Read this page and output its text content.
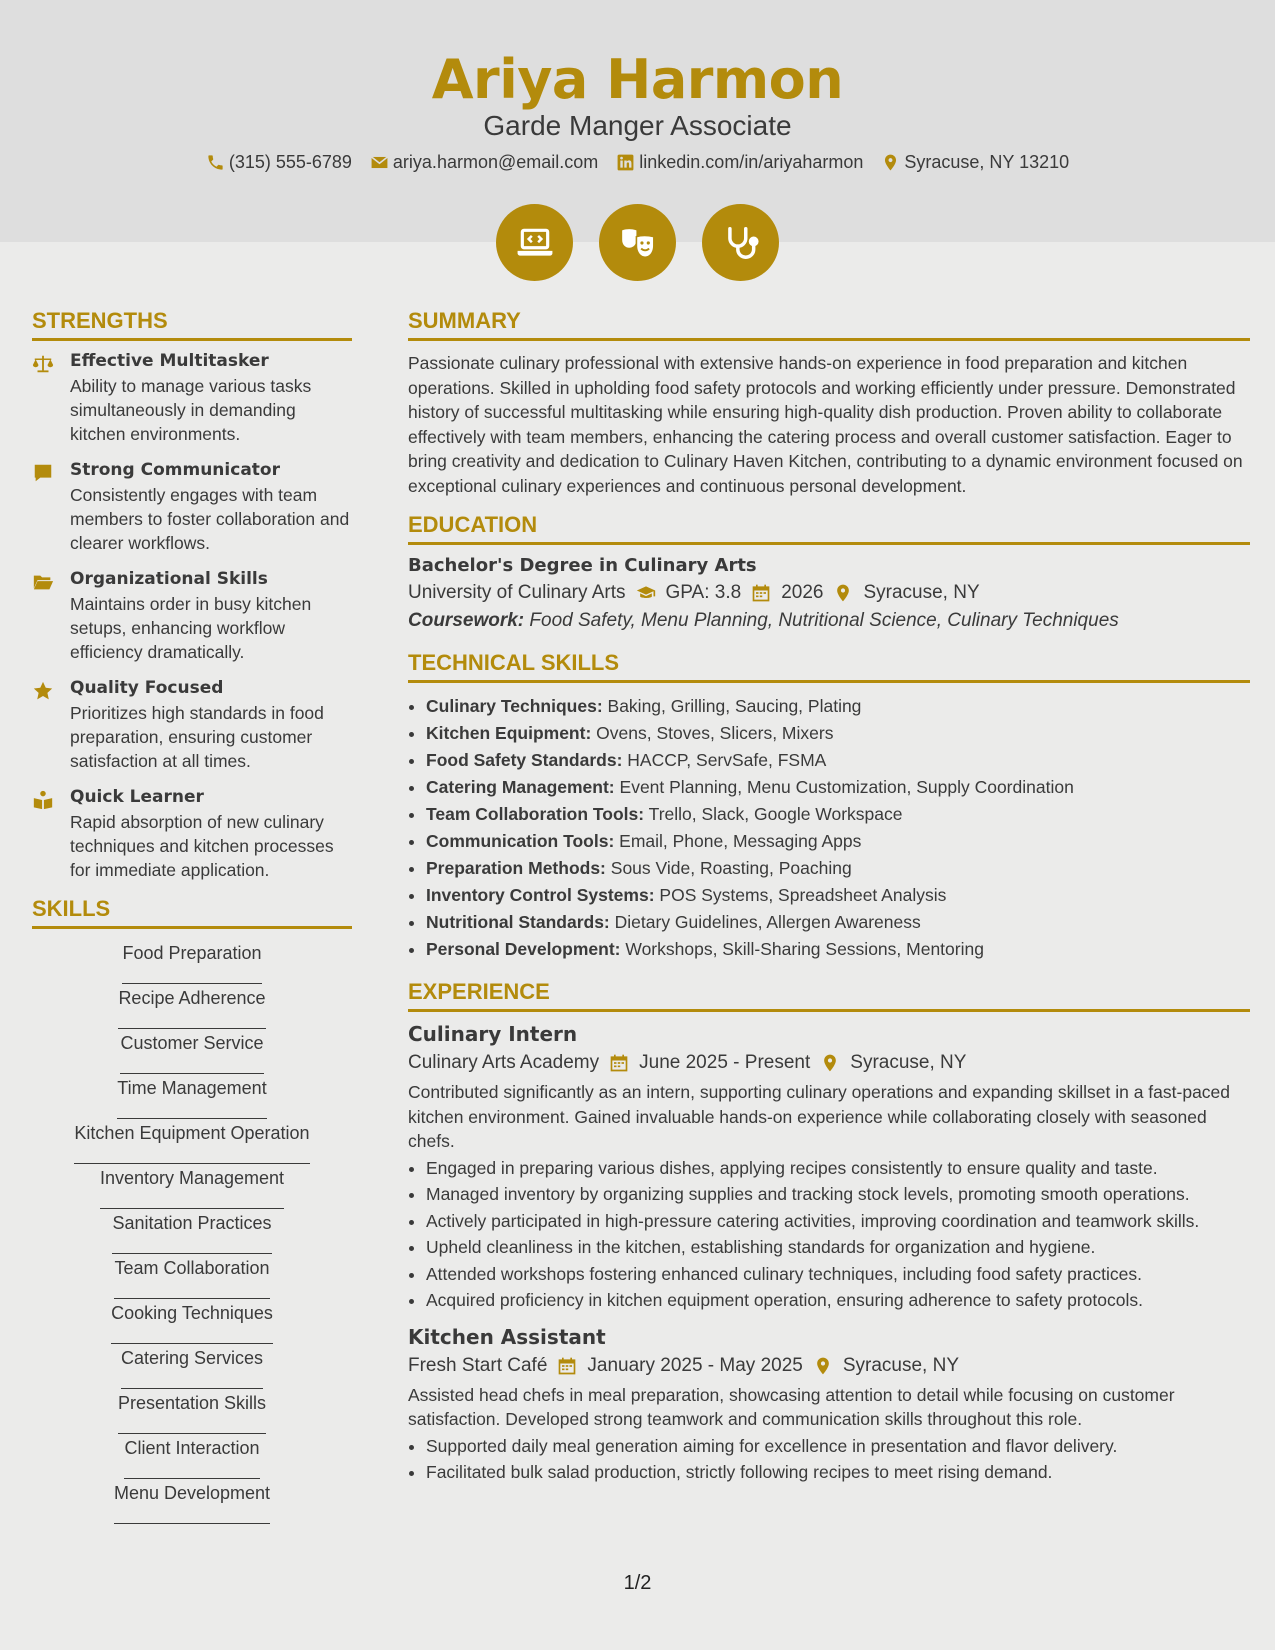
Ariya Harmon
Garde Manger Associate
(315) 555-6789 ariya.harmon@email.com linkedin.com/in/ariyaharmon Syracuse, NY 13210
STRENGTHS
Effective Multitasker

Ability to manage various tasks simultaneously in demanding kitchen environments.

Strong Communicator

Consistently engages with team members to foster collaboration and clearer workflows.

Organizational Skills

Maintains order in busy kitchen setups, enhancing workflow efficiency dramatically.

Quality Focused

Prioritizes high standards in food preparation, ensuring customer satisfaction at all times.

Quick Learner

Rapid absorption of new culinary techniques and kitchen processes for immediate application.

SKILLS
Food Preparation
Recipe Adherence
Customer Service
Time Management
Kitchen Equipment Operation
Inventory Management
Sanitation Practices
Team Collaboration
Cooking Techniques
Catering Services
Presentation Skills
Client Interaction
Menu Development
SUMMARY

Passionate culinary professional with extensive hands-on experience in food preparation and kitchen operations. Skilled in upholding food safety protocols and working efficiently under pressure. Demonstrated history of successful multitasking while ensuring high-quality dish production. Proven ability to collaborate effectively with team members, enhancing the catering process and overall customer satisfaction. Eager to bring creativity and dedication to Culinary Haven Kitchen, contributing to a dynamic environment focused on exceptional culinary experiences and continuous personal development.

EDUCATION
Bachelor's Degree in Culinary Arts
University of Culinary Arts GPA: 3.8 2026 Syracuse, NY
Coursework: Food Safety, Menu Planning, Nutritional Science, Culinary Techniques
TECHNICAL SKILLS
• Culinary Techniques: Baking, Grilling, Saucing, Plating
• Kitchen Equipment: Ovens, Stoves, Slicers, Mixers
• Food Safety Standards: HACCP, ServSafe, FSMA
• Catering Management: Event Planning, Menu Customization, Supply Coordination
• Team Collaboration Tools: Trello, Slack, Google Workspace
• Communication Tools: Email, Phone, Messaging Apps
• Preparation Methods: Sous Vide, Roasting, Poaching
• Inventory Control Systems: POS Systems, Spreadsheet Analysis
• Nutritional Standards: Dietary Guidelines, Allergen Awareness
• Personal Development: Workshops, Skill-Sharing Sessions, Mentoring
EXPERIENCE
Culinary Intern
Culinary Arts Academy June 2025 - Present Syracuse, NY

Contributed significantly as an intern, supporting culinary operations and expanding skillset in a fast-paced kitchen environment. Gained invaluable hands-on experience while collaborating closely with seasoned chefs.

• Engaged in preparing various dishes, applying recipes consistently to ensure quality and taste.
• Managed inventory by organizing supplies and tracking stock levels, promoting smooth operations.
• Actively participated in high-pressure catering activities, improving coordination and teamwork skills.
• Upheld cleanliness in the kitchen, establishing standards for organization and hygiene.
• Attended workshops fostering enhanced culinary techniques, including food safety practices.
• Acquired proficiency in kitchen equipment operation, ensuring adherence to safety protocols.
Kitchen Assistant
Fresh Start Café January 2025 - May 2025 Syracuse, NY

Assisted head chefs in meal preparation, showcasing attention to detail while focusing on customer satisfaction. Developed strong teamwork and communication skills throughout this role.

• Supported daily meal generation aiming for excellence in presentation and flavor delivery.
• Facilitated bulk salad production, strictly following recipes to meet rising demand.
1/2
